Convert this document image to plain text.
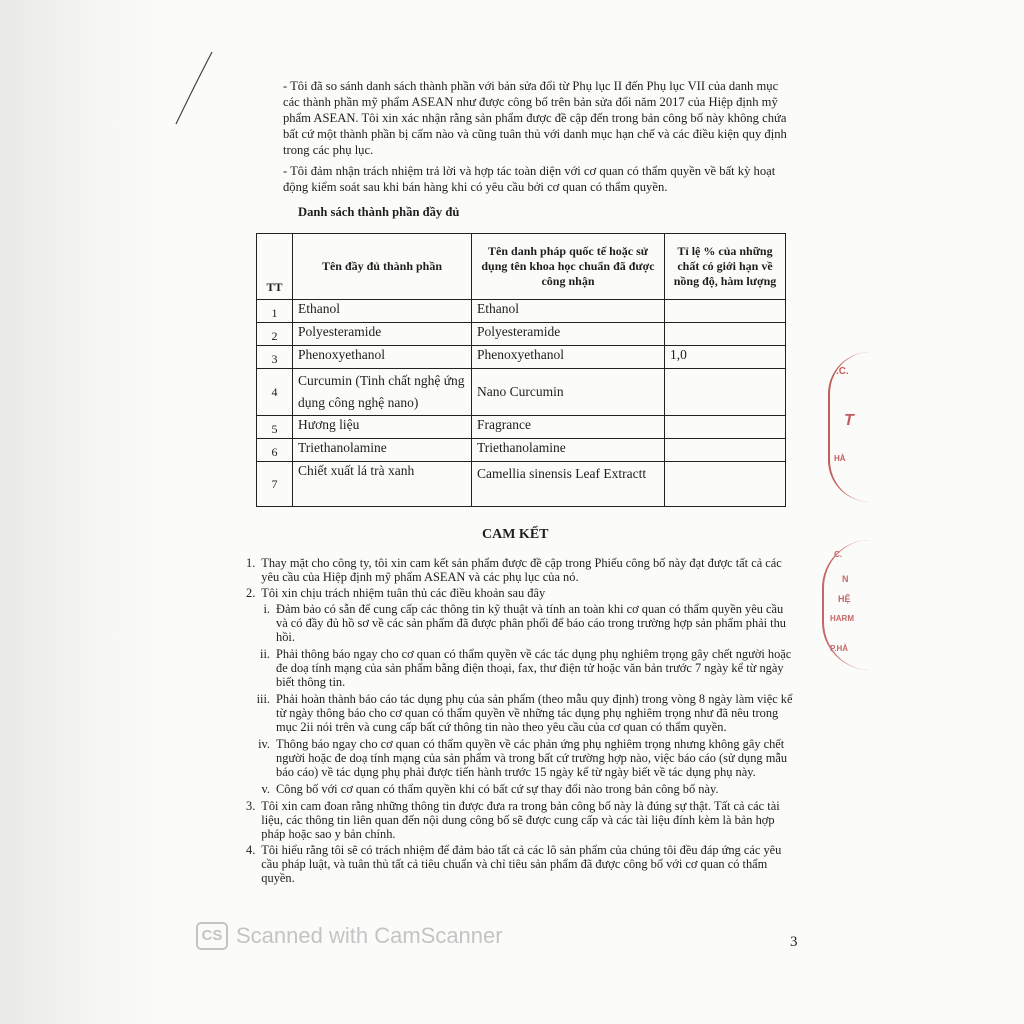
- Tôi đã so sánh danh sách thành phần với bản sửa đổi từ Phụ lục II đến Phụ lục VII của danh mục các thành phần mỹ phẩm ASEAN như được công bố trên bản sửa đổi năm 2017 của Hiệp định mỹ phẩm ASEAN. Tôi xin xác nhận rằng sản phẩm được đề cập đến trong bản công bố này không chứa bất cứ một thành phần bị cấm nào và cũng tuân thủ với danh mục hạn chế và các điều kiện quy định trong các phụ lục.

- Tôi đảm nhận trách nhiệm trả lời và hợp tác toàn diện với cơ quan có thẩm quyền về bất kỳ hoạt động kiểm soát sau khi bán hàng khi có yêu cầu bởi cơ quan có thẩm quyền.

Danh sách thành phần đầy đủ
TT	Tên đầy đủ thành phần	Tên danh pháp quốc tế hoặc sử dụng tên khoa học chuẩn đã được công nhận	Tỉ lệ % của những chất có giới hạn về nồng độ, hàm lượng
1	Ethanol	Ethanol	
2	Polyesteramide	Polyesteramide	
3	Phenoxyethanol	Phenoxyethanol	1,0
4	Curcumin (Tinh chất nghệ ứng dụng công nghệ nano)	Nano Curcumin	
5	Hương liệu	Fragrance	
6	Triethanolamine	Triethanolamine	
7	Chiết xuất lá trà xanh	Camellia sinensis Leaf Extractt	
CAM KẾT
1. Thay mặt cho công ty, tôi xin cam kết sản phẩm được đề cập trong Phiếu công bố này đạt được tất cả các yêu cầu của Hiệp định mỹ phẩm ASEAN và các phụ lục của nó.
2. Tôi xin chịu trách nhiệm tuân thủ các điều khoản sau đây
i. Đảm bảo có sẵn để cung cấp các thông tin kỹ thuật và tính an toàn khi cơ quan có thẩm quyền yêu cầu và có đầy đủ hồ sơ về các sản phẩm đã được phân phối để báo cáo trong trường hợp sản phẩm phải thu hồi.
ii. Phải thông báo ngay cho cơ quan có thẩm quyền về các tác dụng phụ nghiêm trọng gây chết người hoặc đe doạ tính mạng của sản phẩm bằng điện thoại, fax, thư điện tử hoặc văn bản trước 7 ngày kể từ ngày biết thông tin.
iii. Phải hoàn thành báo cáo tác dụng phụ của sản phẩm (theo mẫu quy định) trong vòng 8 ngày làm việc kể từ ngày thông báo cho cơ quan có thẩm quyền về những tác dụng phụ nghiêm trọng như đã nêu trong mục 2ii nói trên và cung cấp bất cứ thông tin nào theo yêu cầu của cơ quan có thẩm quyền.
iv. Thông báo ngay cho cơ quan có thẩm quyền về các phản ứng phụ nghiêm trọng nhưng không gây chết người hoặc đe doạ tính mạng của sản phẩm và trong bất cứ trường hợp nào, việc báo cáo (sử dụng mẫu báo cáo) về tác dụng phụ phải được tiến hành trước 15 ngày kể từ ngày biết về tác dụng phụ này.
v. Công bố với cơ quan có thẩm quyền khi có bất cứ sự thay đổi nào trong bản công bố này.
3. Tôi xin cam đoan rằng những thông tin được đưa ra trong bản công bố này là đúng sự thật. Tất cả các tài liệu, các thông tin liên quan đến nội dung công bố sẽ được cung cấp và các tài liệu đính kèm là bản hợp pháp hoặc sao y bản chính.
4. Tôi hiểu rằng tôi sẽ có trách nhiệm để đảm bảo tất cả các lô sản phẩm của chúng tôi đều đáp ứng các yêu cầu pháp luật, và tuân thủ tất cả tiêu chuẩn và chỉ tiêu sản phẩm đã được công bố với cơ quan có thẩm quyền.
.C.
T
HÀ
C.
N
HỆ
HARM
P.HÀ
CS Scanned with CamScanner	3
